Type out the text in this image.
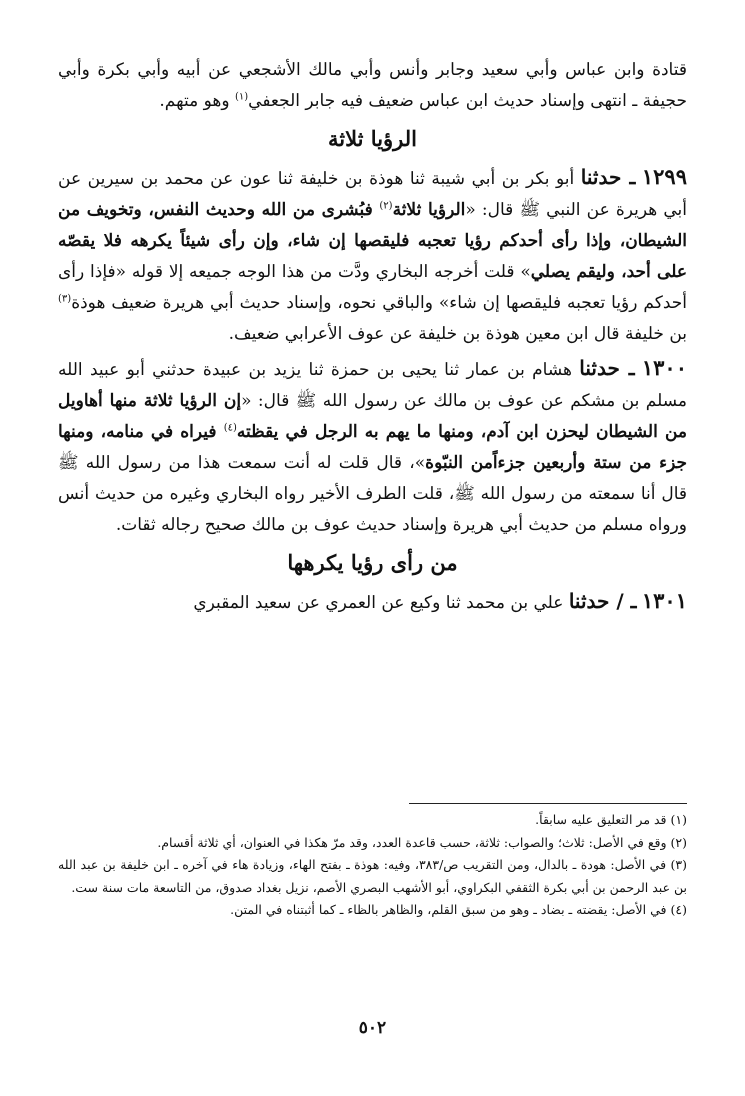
قتادة وابن عباس وأبي سعيد وجابر وأنس وأبي مالك الأشجعي عن أبيه وأبي بكرة وأبي حجيفة ـ انتهى وإسناد حديث ابن عباس ضعيف فيه جابر الجعفي$^{(١)}$ وهو متهم.

الرؤيا ثلاثة

١٢٩٩ ـ حدثنا أبو بكر بن أبي شيبة ثنا هوذة بن خليفة ثنا عون عن محمد بن سيرين عن أبي هريرة عن النبي ﷺ قال: «الرؤيا ثلاثة$^{(٢)}$ فبُشرى من الله وحديث النفس، وتخويف من الشيطان، وإذا رأى أحدكم رؤيا تعجبه فليقصها إن شاء، وإن رأى شيئاً يكرهه فلا يقصّه على أحد، وليقم يصلي» قلت أخرجه البخاري ودَّت من هذا الوجه جميعه إلا قوله «فإذا رأى أحدكم رؤيا تعجبه فليقصها إن شاء» والباقي نحوه، وإسناد حديث أبي هريرة ضعيف هوذة$^{(٣)}$ بن خليفة قال ابن معين هوذة بن خليفة عن عوف الأعرابي ضعيف.

١٣٠٠ ـ حدثنا هشام بن عمار ثنا يحيى بن حمزة ثنا يزيد بن عبيدة حدثني أبو عبيد الله مسلم بن مشكم عن عوف بن مالك عن رسول الله ﷺ قال: «إن الرؤيا ثلاثة منها أهاويل من الشيطان ليحزن ابن آدم، ومنها ما يهم به الرجل في يقظته$^{(٤)}$ فيراه في منامه، ومنها جزء من ستة وأربعين جزءاًمن النبّوة»، قال قلت له أنت سمعت هذا من رسول الله ﷺ قال أنا سمعته من رسول الله ﷺ، قلت الطرف الأخير رواه البخاري وغيره من حديث أنس ورواه مسلم من حديث أبي هريرة وإسناد حديث عوف بن مالك صحيح رجاله ثقات.

من رأى رؤيا يكرهها

١٣٠١ ـ / حدثنا علي بن محمد ثنا وكيع عن العمري عن سعيد المقبري

(١) قد مر التعليق عليه سابقاً.

(٢) وقع في الأصل: ثلاث؛ والصواب: ثلاثة، حسب قاعدة العدد، وقد مرّ هكذا في العنوان، أي ثلاثة أقسام.

(٣) في الأصل: هودة ـ بالدال، ومن التقريب ص/٣٨٣، وفيه: هوذة ـ بفتح الهاء، وزيادة هاء في آخره ـ ابن خليفة بن عبد الله بن عبد الرحمن بن أبي بكرة الثقفي البكراوي، أبو الأشهب البصري الأصم، نزيل بغداد صدوق، من التاسعة مات سنة ست.

(٤) في الأصل: يقضته ـ بضاد ـ وهو من سبق القلم، والظاهر بالظاء ـ كما أثبتناه في المتن.

٥٠٢
